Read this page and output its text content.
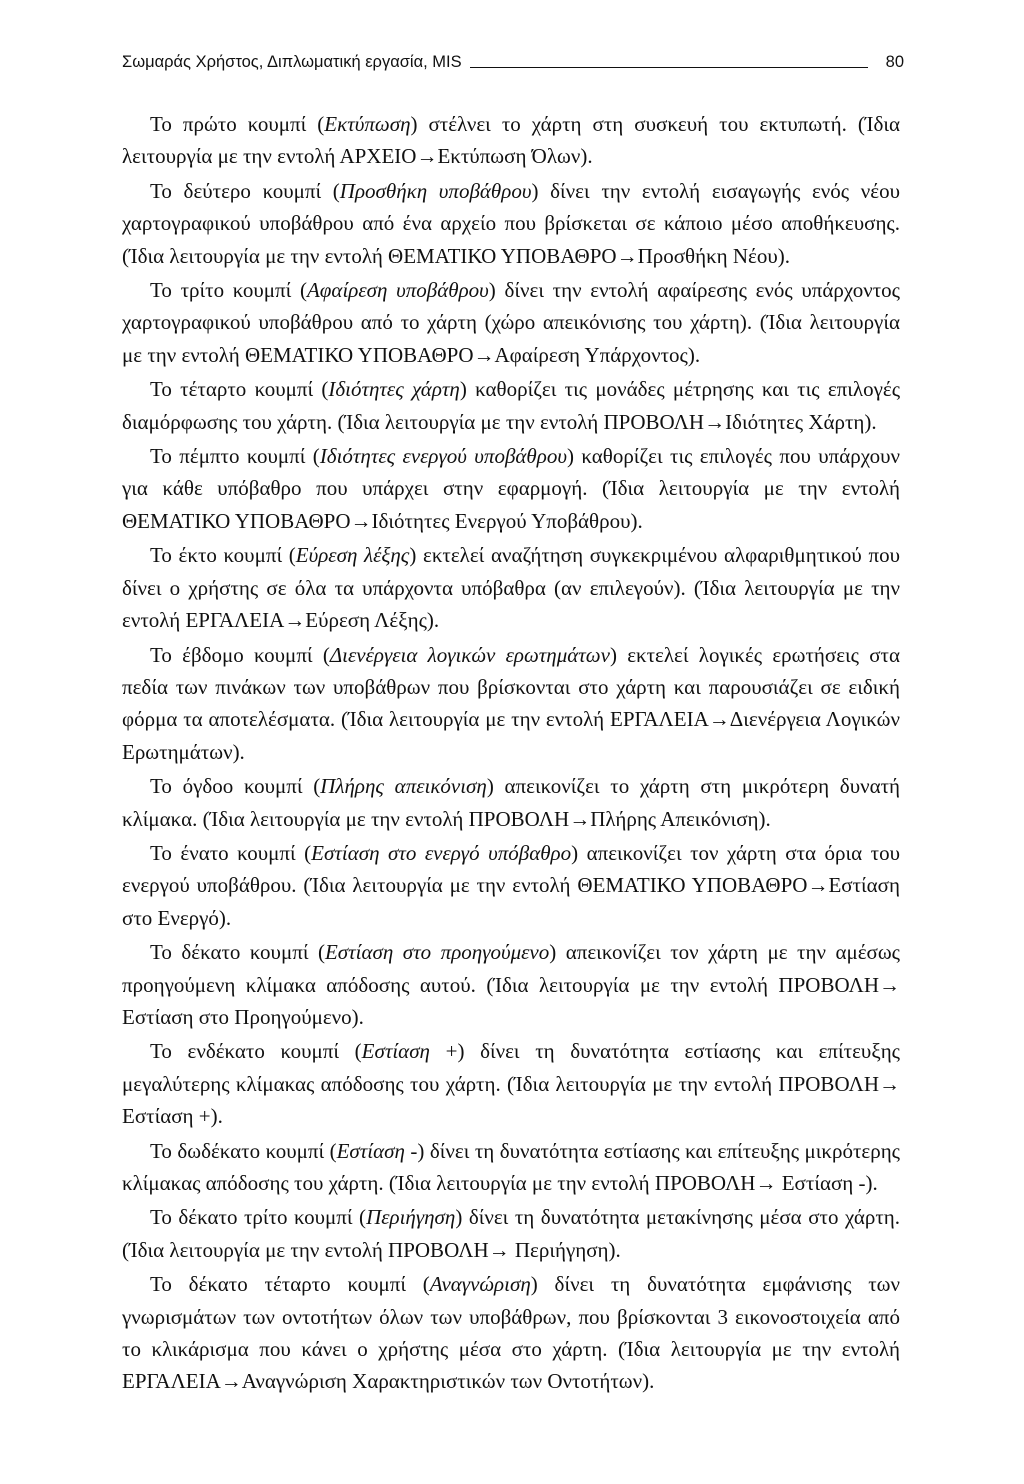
Σωμαράς Χρήστος, Διπλωματική εργασία, MIS	80

Το πρώτο κουμπί (Εκτύπωση) στέλνει το χάρτη στη συσκευή του εκτυπωτή. (Ίδια λειτουργία με την εντολή ΑΡΧΕΙΟ→Εκτύπωση Όλων).

Το δεύτερο κουμπί (Προσθήκη υποβάθρου) δίνει την εντολή εισαγωγής ενός νέου χαρτογραφικού υποβάθρου από ένα αρχείο που βρίσκεται σε κάποιο μέσο αποθήκευσης. (Ίδια λειτουργία με την εντολή ΘΕΜΑΤΙΚΟ ΥΠΟΒΑΘΡΟ→Προσθήκη Νέου).

Το τρίτο κουμπί (Αφαίρεση υποβάθρου) δίνει την εντολή αφαίρεσης ενός υπάρχοντος χαρτογραφικού υποβάθρου από το χάρτη (χώρο απεικόνισης του χάρτη). (Ίδια λειτουργία με την εντολή ΘΕΜΑΤΙΚΟ ΥΠΟΒΑΘΡΟ→Αφαίρεση Υπάρχοντος).

Το τέταρτο κουμπί (Ιδιότητες χάρτη) καθορίζει τις μονάδες μέτρησης και τις επιλογές διαμόρφωσης του χάρτη. (Ίδια λειτουργία με την εντολή ΠΡΟΒΟΛΗ→Ιδιότητες Χάρτη).

Το πέμπτο κουμπί (Ιδιότητες ενεργού υποβάθρου) καθορίζει τις επιλογές που υπάρχουν για κάθε υπόβαθρο που υπάρχει στην εφαρμογή. (Ίδια λειτουργία με την εντολή ΘΕΜΑΤΙΚΟ ΥΠΟΒΑΘΡΟ→Ιδιότητες Ενεργού Υποβάθρου).

Το έκτο κουμπί (Εύρεση λέξης) εκτελεί αναζήτηση συγκεκριμένου αλφαριθμητικού που δίνει ο χρήστης σε όλα τα υπάρχοντα υπόβαθρα (αν επιλεγούν). (Ίδια λειτουργία με την εντολή ΕΡΓΑΛΕΙΑ→Εύρεση Λέξης).

Το έβδομο κουμπί (Διενέργεια λογικών ερωτημάτων) εκτελεί λογικές ερωτήσεις στα πεδία των πινάκων των υποβάθρων που βρίσκονται στο χάρτη και παρουσιάζει σε ειδική φόρμα τα αποτελέσματα. (Ίδια λειτουργία με την εντολή ΕΡΓΑΛΕΙΑ→Διενέργεια Λογικών Ερωτημάτων).

Το όγδοο κουμπί (Πλήρης απεικόνιση) απεικονίζει το χάρτη στη μικρότερη δυνατή κλίμακα. (Ίδια λειτουργία με την εντολή ΠΡΟΒΟΛΗ→Πλήρης Απεικόνιση).

Το ένατο κουμπί (Εστίαση στο ενεργό υπόβαθρο) απεικονίζει τον χάρτη στα όρια του ενεργού υποβάθρου. (Ίδια λειτουργία με την εντολή ΘΕΜΑΤΙΚΟ ΥΠΟΒΑΘΡΟ→Εστίαση στο Ενεργό).

Το δέκατο κουμπί (Εστίαση στο προηγούμενο) απεικονίζει τον χάρτη με την αμέσως προηγούμενη κλίμακα απόδοσης αυτού. (Ίδια λειτουργία με την εντολή ΠΡΟΒΟΛΗ→ Εστίαση στο Προηγούμενο).

Το ενδέκατο κουμπί (Εστίαση +) δίνει τη δυνατότητα εστίασης και επίτευξης μεγαλύτερης κλίμακας απόδοσης του χάρτη. (Ίδια λειτουργία με την εντολή ΠΡΟΒΟΛΗ→ Εστίαση +).

Το δωδέκατο κουμπί (Εστίαση -) δίνει τη δυνατότητα εστίασης και επίτευξης μικρότερης κλίμακας απόδοσης του χάρτη. (Ίδια λειτουργία με την εντολή ΠΡΟΒΟΛΗ→ Εστίαση -).

Το δέκατο τρίτο κουμπί (Περιήγηση) δίνει τη δυνατότητα μετακίνησης μέσα στο χάρτη. (Ίδια λειτουργία με την εντολή ΠΡΟΒΟΛΗ→ Περιήγηση).

Το δέκατο τέταρτο κουμπί (Αναγνώριση) δίνει τη δυνατότητα εμφάνισης των γνωρισμάτων των οντοτήτων όλων των υποβάθρων, που βρίσκονται 3 εικονοστοιχεία από το κλικάρισμα που κάνει ο χρήστης μέσα στο χάρτη. (Ίδια λειτουργία με την εντολή ΕΡΓΑΛΕΙΑ→Αναγνώριση Χαρακτηριστικών των Οντοτήτων).
